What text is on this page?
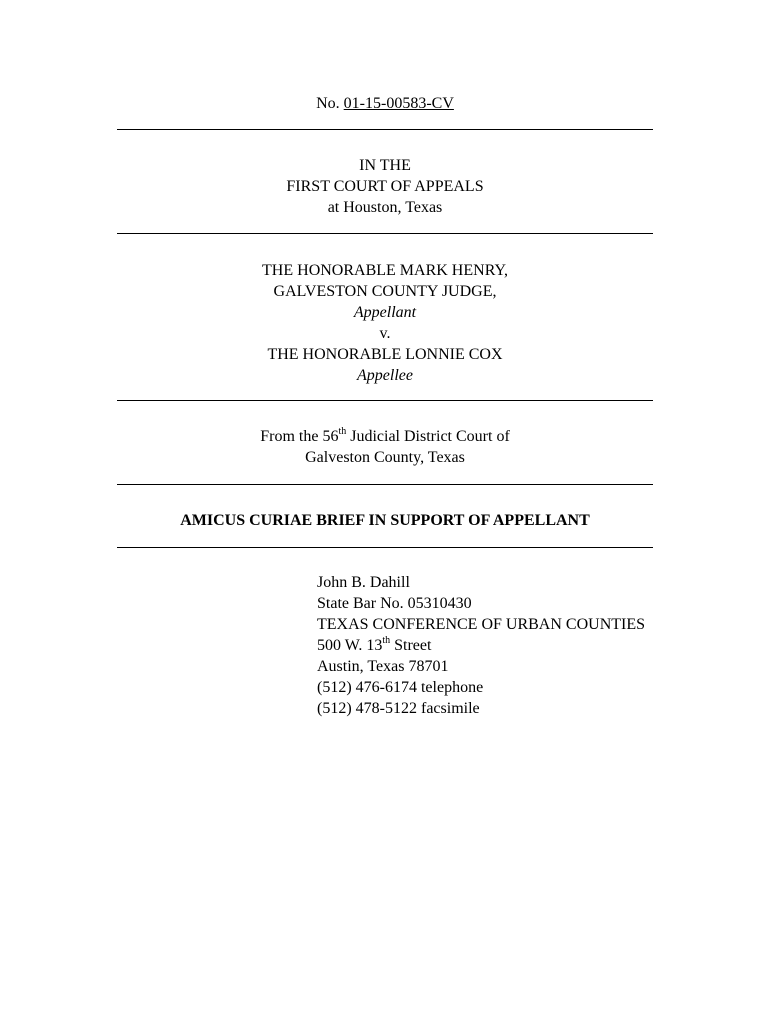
No. 01-15-00583-CV
IN THE
FIRST COURT OF APPEALS
at Houston, Texas
THE HONORABLE MARK HENRY,
GALVESTON COUNTY JUDGE,
Appellant
v.
THE HONORABLE LONNIE COX
Appellee
From the 56th Judicial District Court of
Galveston County, Texas
AMICUS CURIAE BRIEF IN SUPPORT OF APPELLANT
John B. Dahill
State Bar No. 05310430
TEXAS CONFERENCE OF URBAN COUNTIES
500 W. 13th Street
Austin, Texas 78701
(512) 476-6174 telephone
(512) 478-5122 facsimile
